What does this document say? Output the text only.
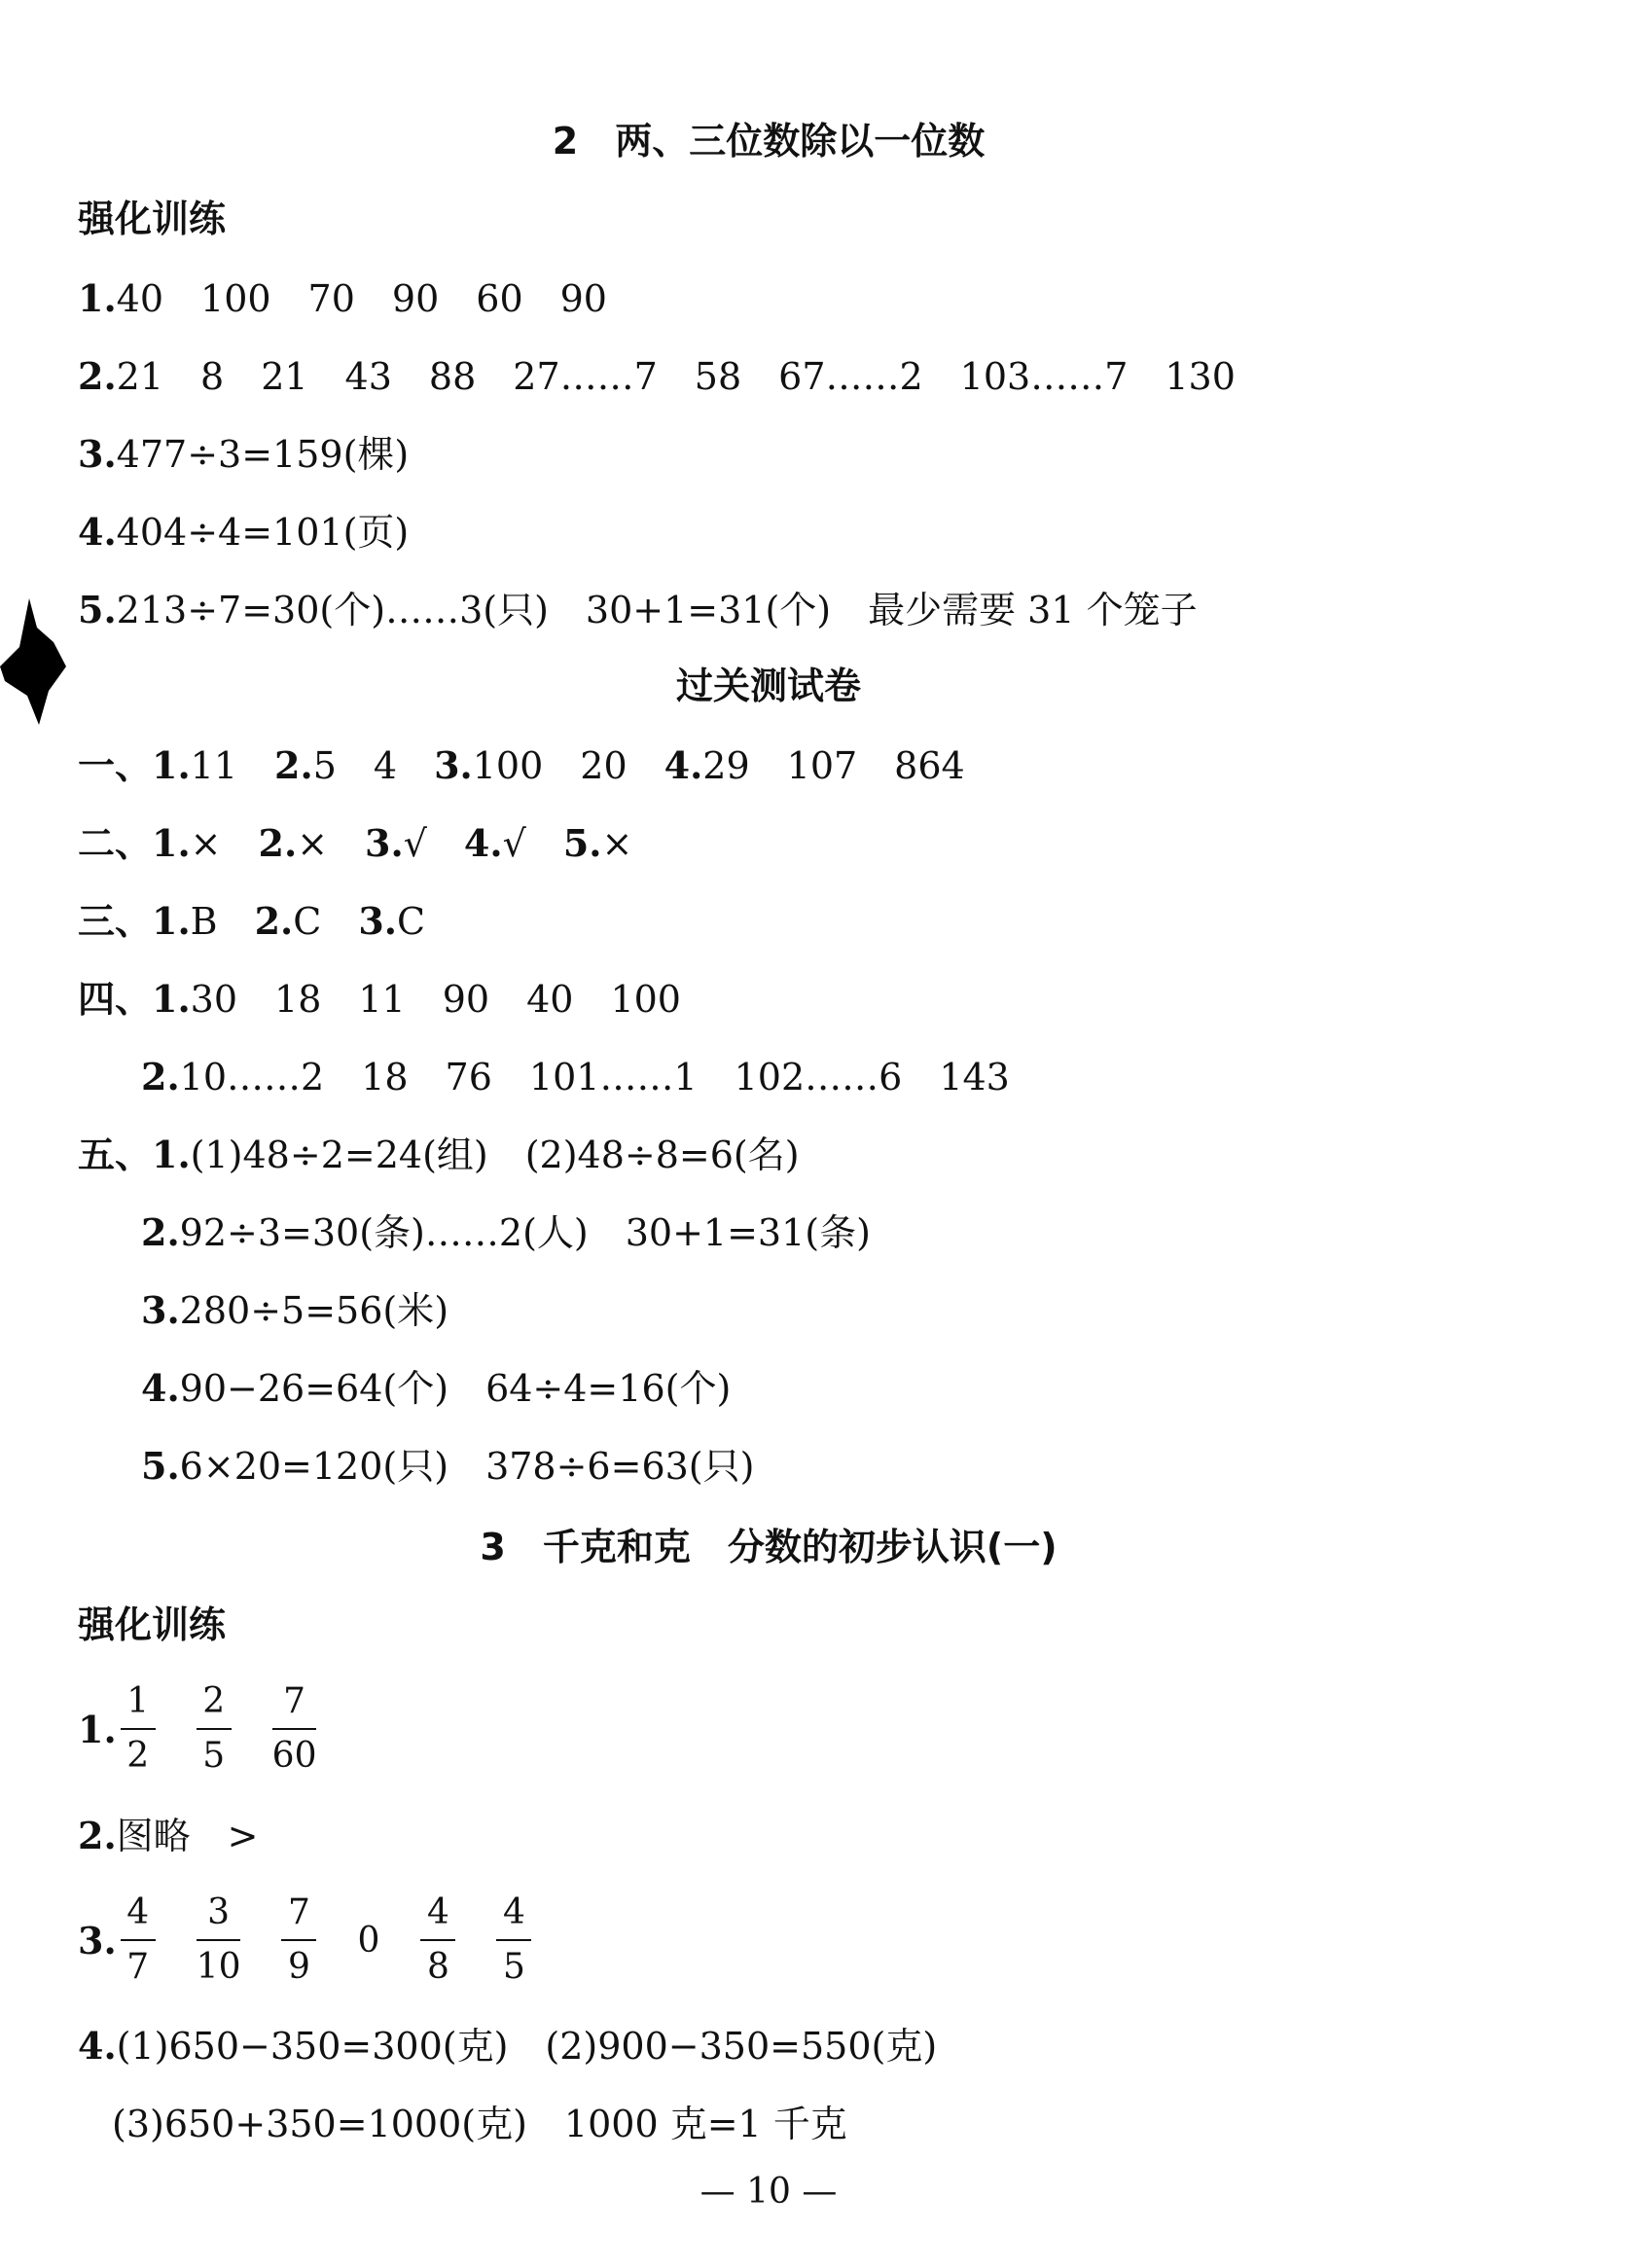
2　两、三位数除以一位数
强化训练
1.40　100　70　90　60　90
2.21　8　21　43　88　27……7　58　67……2　103……7　130
3.477÷3=159(棵)
4.404÷4=101(页)
5.213÷7=30(个)……3(只)　30+1=31(个)　最少需要 31 个笼子
过关测试卷
一、1.11　2.5　4　3.100　20　4.29　107　864
二、1.×　2.×　3.√　4.√　5.×
三、1.B　2.C　3.C
四、1.30　18　11　90　40　100
2.10……2　18　76　101……1　102……6　143
五、1.(1)48÷2=24(组)　(2)48÷8=6(名)
2.92÷3=30(条)……2(人)　30+1=31(条)
3.280÷5=56(米)
4.90−26=64(个)　64÷4=16(个)
5.6×20=120(只)　378÷6=63(只)
3　千克和克　分数的初步认识(一)
强化训练
1. $\frac{1}{2} \frac{2}{5} \frac{7}{60}$
2.图略　>
3. $\frac{4}{7} \frac{3}{10} \frac{7}{9} 0 \frac{4}{8} \frac{4}{5}$
4.(1)650−350=300(克)　(2)900−350=550(克)
(3)650+350=1000(克)　1000 克=1 千克
— 10 —
